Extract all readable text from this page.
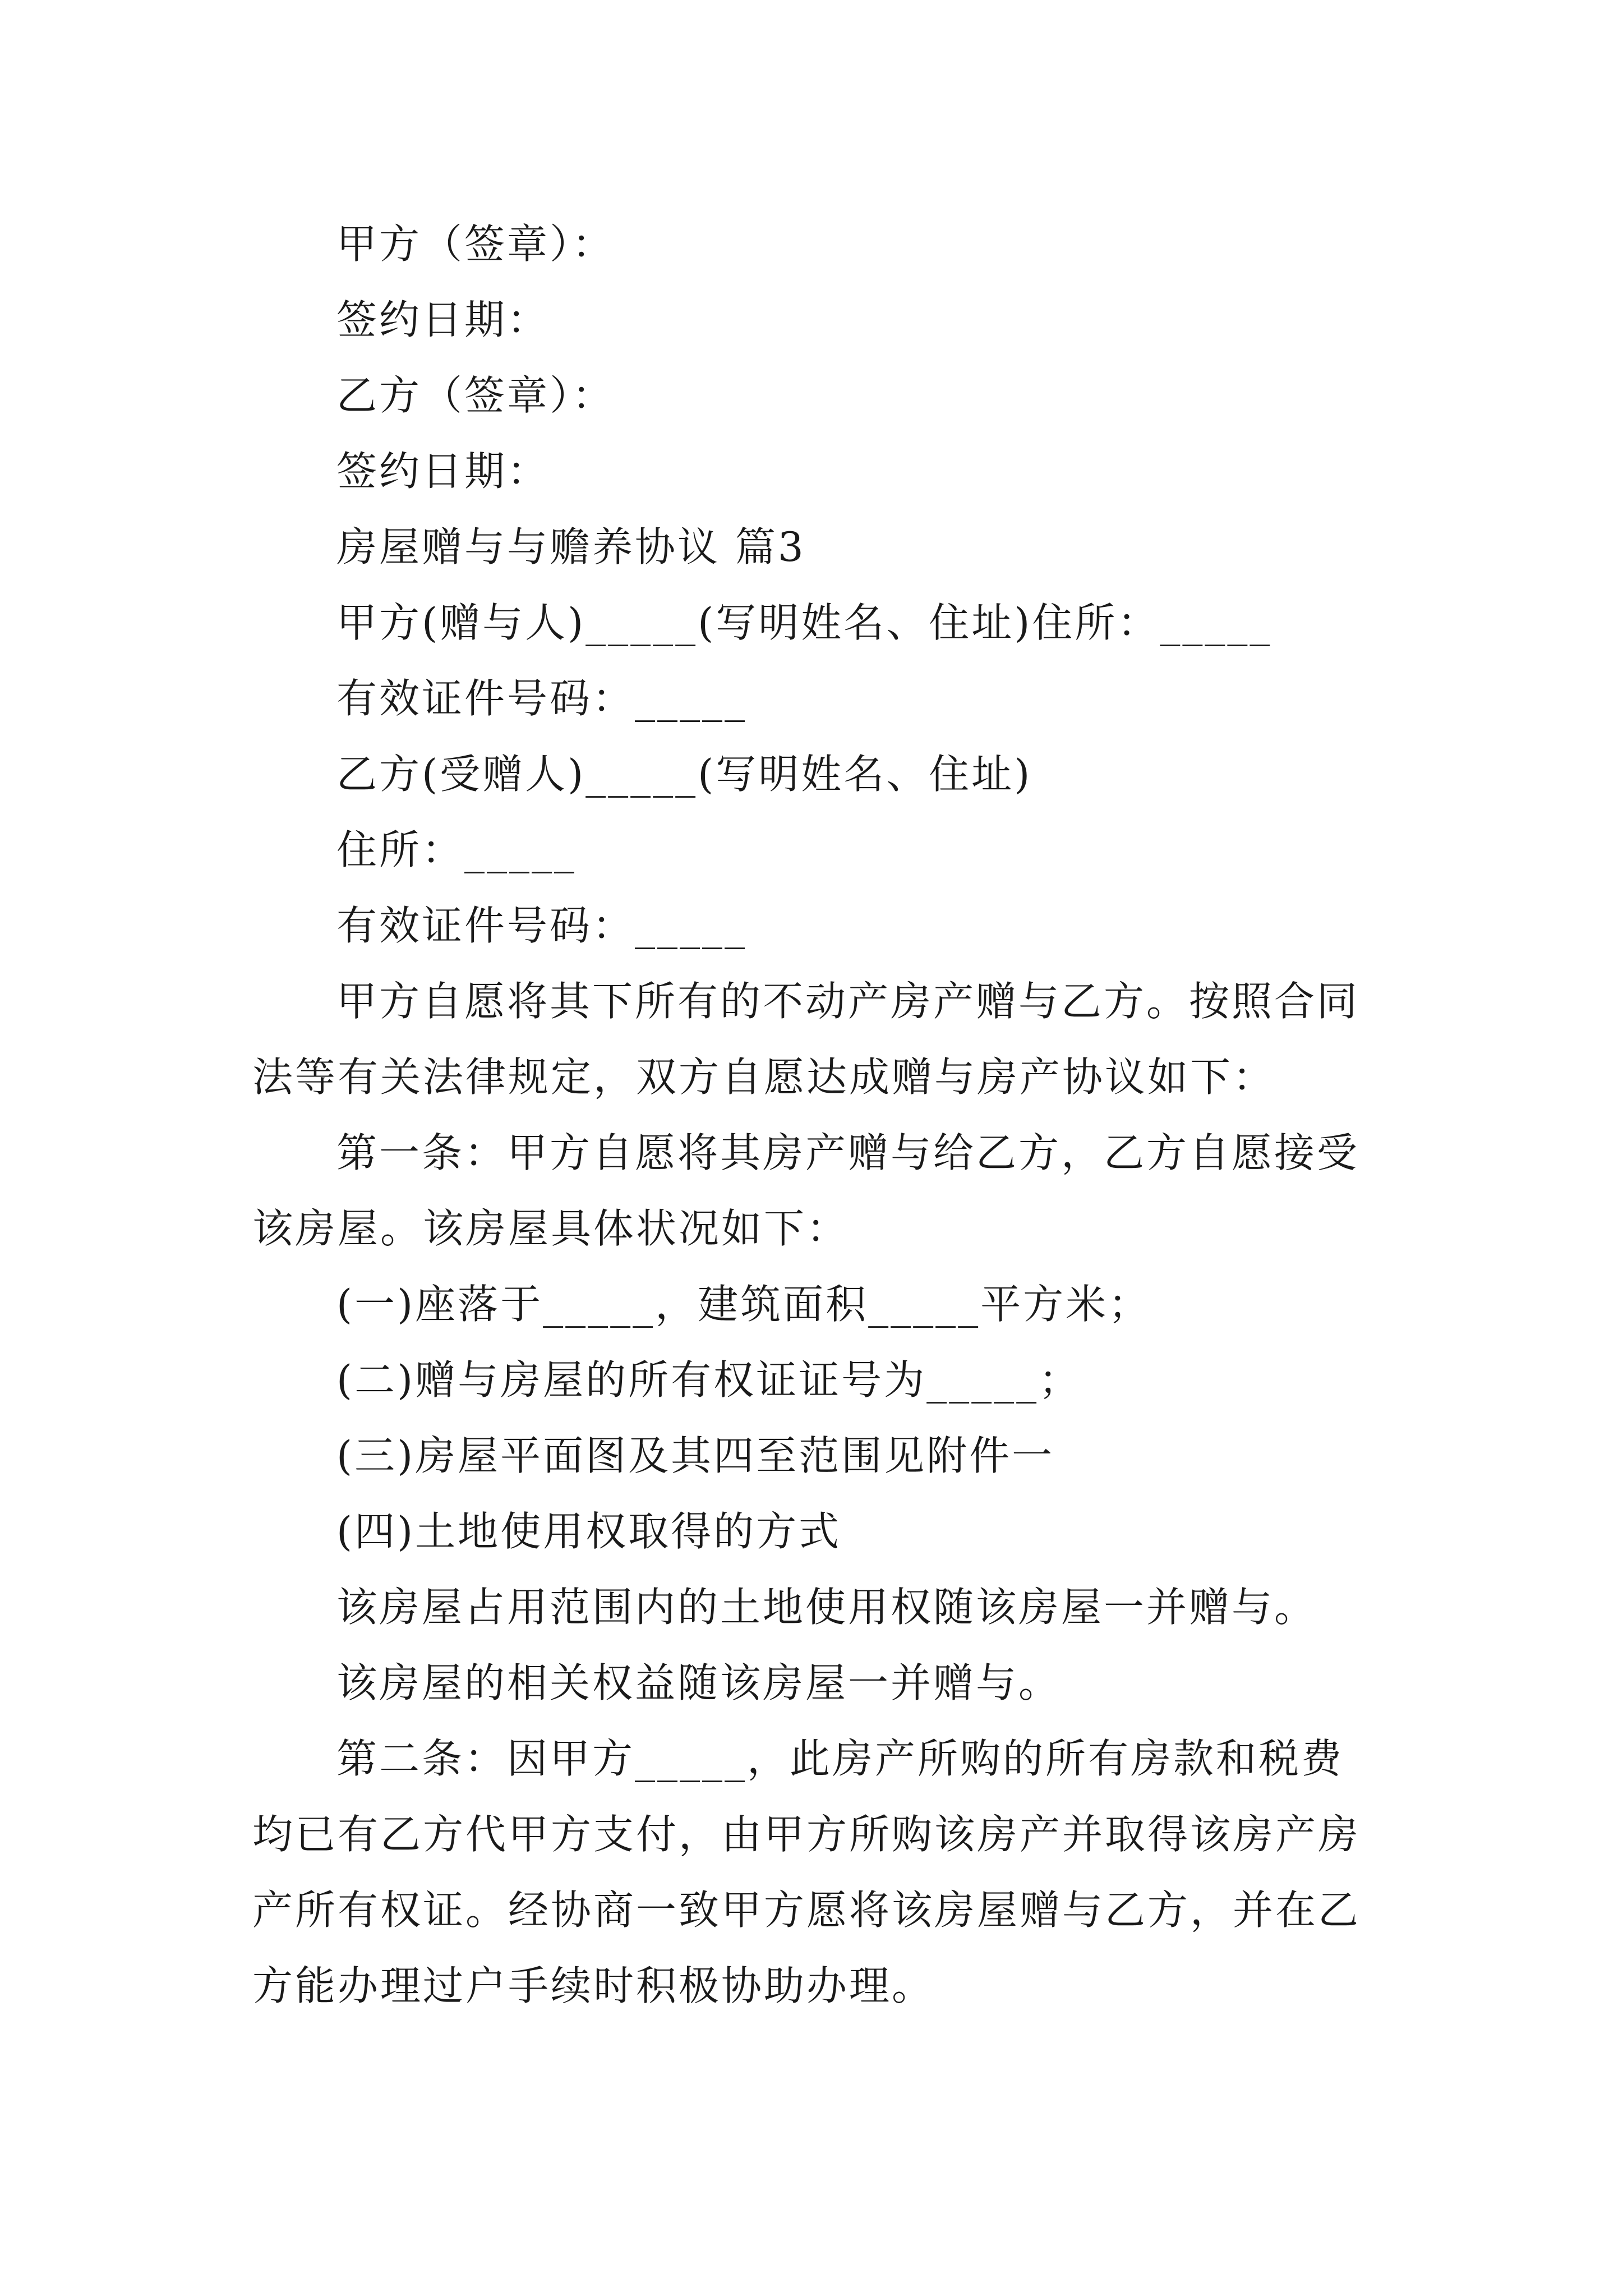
甲方（签章）：
签约日期：
乙方（签章）：
签约日期：
房屋赠与与赡养协议 篇3
甲方(赠与人)_____(写明姓名、住址)住所：_____
有效证件号码：_____
乙方(受赠人)_____(写明姓名、住址)
住所：_____
有效证件号码：_____
甲方自愿将其下所有的不动产房产赠与乙方。按照合同
法等有关法律规定，双方自愿达成赠与房产协议如下：
第一条：甲方自愿将其房产赠与给乙方，乙方自愿接受
该房屋。该房屋具体状况如下：
(一)座落于_____，建筑面积_____平方米；
(二)赠与房屋的所有权证证号为_____；
(三)房屋平面图及其四至范围见附件一
(四)土地使用权取得的方式
该房屋占用范围内的土地使用权随该房屋一并赠与。
该房屋的相关权益随该房屋一并赠与。
第二条：因甲方_____，此房产所购的所有房款和税费
均已有乙方代甲方支付，由甲方所购该房产并取得该房产房
产所有权证。经协商一致甲方愿将该房屋赠与乙方，并在乙
方能办理过户手续时积极协助办理。
